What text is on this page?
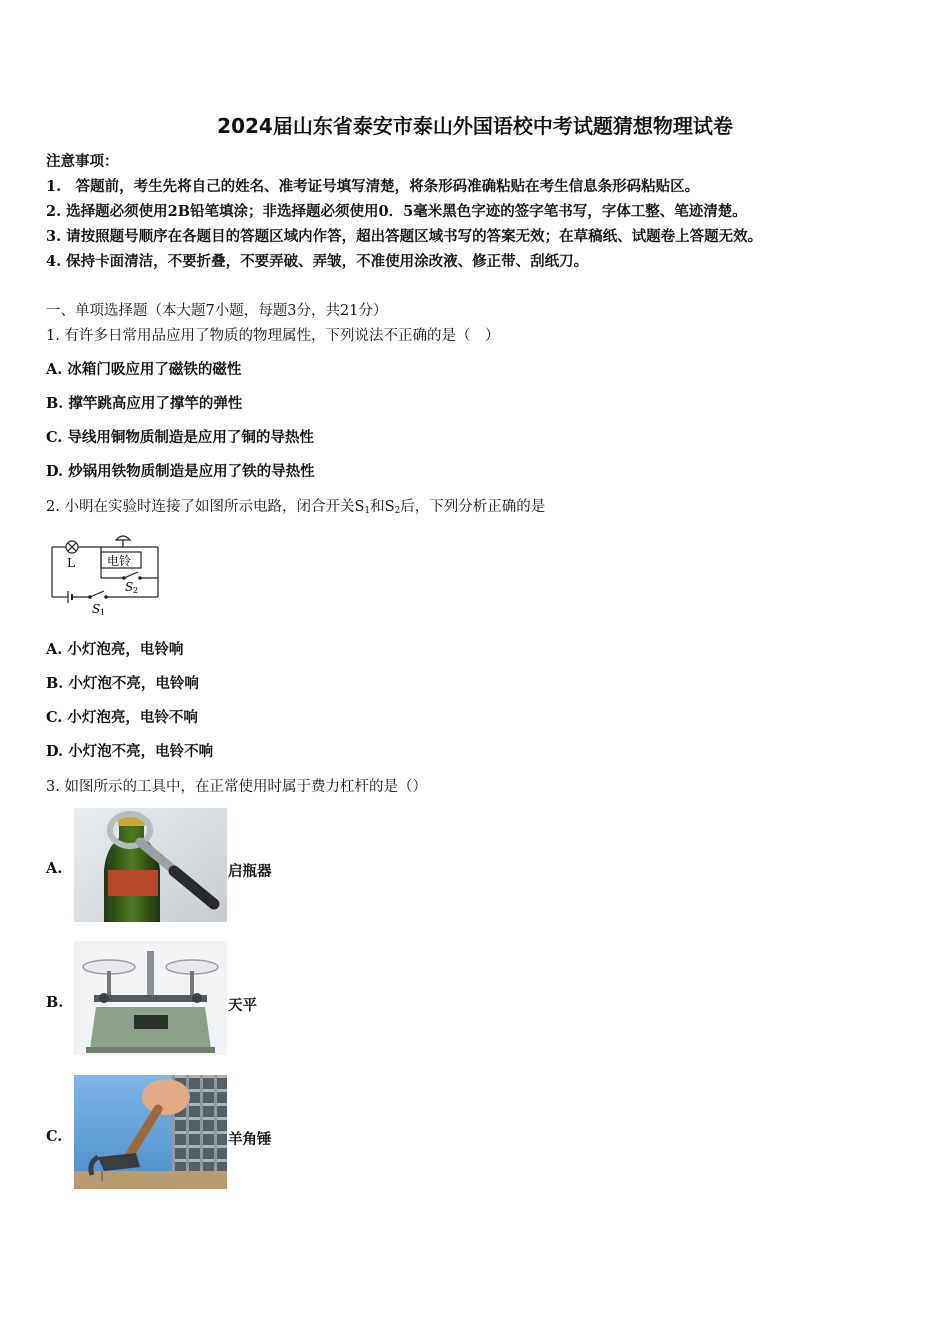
2024届山东省泰安市泰山外国语校中考试题猜想物理试卷
注意事项：
1.　答题前，考生先将自己的姓名、准考证号填写清楚，将条形码准确粘贴在考生信息条形码粘贴区。
2. 选择题必须使用2B铅笔填涂；非选择题必须使用0．5毫米黑色字迹的签字笔书写，字体工整、笔迹清楚。
3. 请按照题号顺序在各题目的答题区域内作答，超出答题区域书写的答案无效；在草稿纸、试题卷上答题无效。
4. 保持卡面清洁，不要折叠，不要弄破、弄皱，不准使用涂改液、修正带、刮纸刀。
一、单项选择题（本大题7小题，每题3分，共21分）
1. 有许多日常用品应用了物质的物理属性，下列说法不正确的是（　）
A. 冰箱门吸应用了磁铁的磁性
B. 撑竿跳高应用了撑竿的弹性
C. 导线用铜物质制造是应用了铜的导热性
D. 炒锅用铁物质制造是应用了铁的导热性
2. 小明在实验时连接了如图所示电路，闭合开关$S_1$和$S_2$后，下列分析正确的是
L	电铃
S 2
S 1
A. 小灯泡亮，电铃响
B. 小灯泡不亮，电铃响
C. 小灯泡亮，电铃不响
D. 小灯泡不亮，电铃不响
3. 如图所示的工具中，在正常使用时属于费力杠杆的是（）
A.	启瓶器
B.	天平
C.	羊角锤
